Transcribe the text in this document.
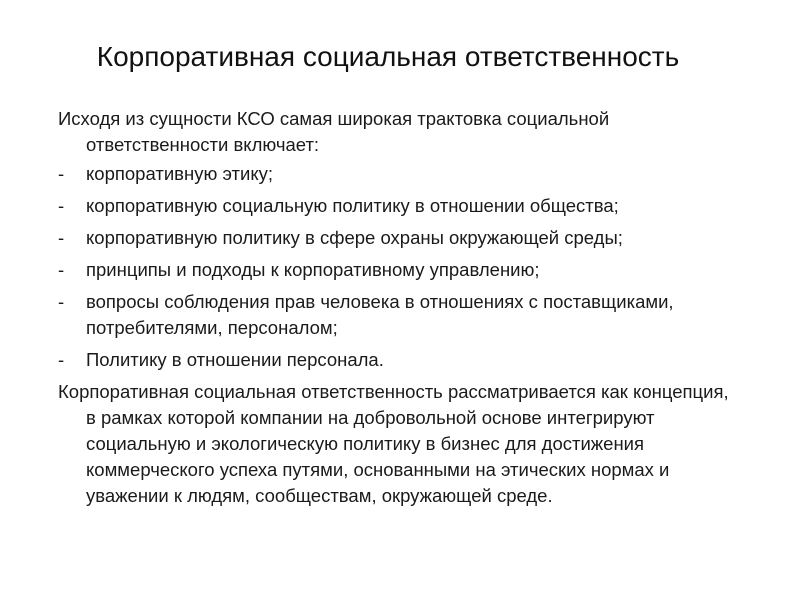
Корпоративная социальная ответственность

Исходя из сущности КСО самая широкая трактовка социальной ответственности включает:

- корпоративную этику;
- корпоративную социальную политику в отношении общества;
- корпоративную политику в сфере охраны окружающей среды;
- принципы и подходы к корпоративному управлению;
- вопросы соблюдения прав человека в отношениях с поставщиками, потребителями, персоналом;
- Политику в отношении персонала.

Корпоративная социальная ответственность рассматривается как концепция, в рамках которой компании на добровольной основе интегрируют социальную и экологическую политику в бизнес для достижения коммерческого успеха путями, основанными на этических нормах и уважении к людям, сообществам, окружающей среде.
